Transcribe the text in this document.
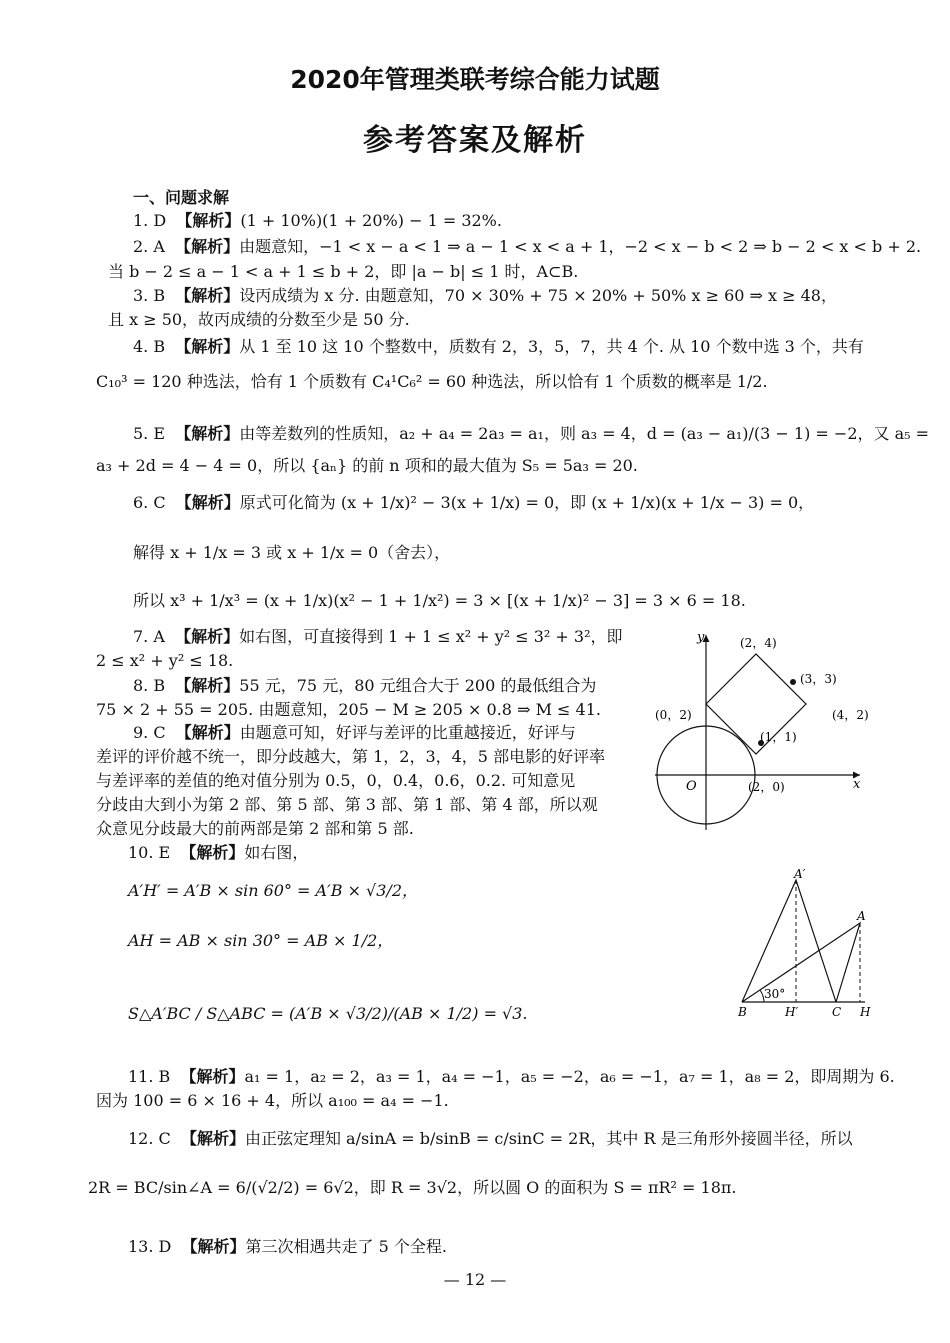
2020年管理类联考综合能力试题
参考答案及解析
一、问题求解
1. D 【解析】(1 + 10%)(1 + 20%) − 1 = 32%.
2. A 【解析】由题意知，−1 < x − a < 1 ⇒ a − 1 < x < a + 1，−2 < x − b < 2 ⇒ b − 2 < x < b + 2.
当 b − 2 ≤ a − 1 < a + 1 ≤ b + 2，即 |a − b| ≤ 1 时，A⊂B.
3. B 【解析】设丙成绩为 x 分. 由题意知，70 × 30% + 75 × 20% + 50% x ≥ 60 ⇒ x ≥ 48，
且 x ≥ 50，故丙成绩的分数至少是 50 分.
4. B 【解析】从 1 至 10 这 10 个整数中，质数有 2，3，5，7，共 4 个. 从 10 个数中选 3 个，共有
C₁₀³ = 120 种选法，恰有 1 个质数有 C₄¹C₆² = 60 种选法，所以恰有 1 个质数的概率是 1/2.
5. E 【解析】由等差数列的性质知，a₂ + a₄ = 2a₃ = a₁，则 a₃ = 4，d = (a₃ − a₁)/(3 − 1) = −2，又 a₅ =
a₃ + 2d = 4 − 4 = 0，所以 {aₙ} 的前 n 项和的最大值为 S₅ = 5a₃ = 20.
6. C 【解析】原式可化简为 (x + 1/x)² − 3(x + 1/x) = 0，即 (x + 1/x)(x + 1/x − 3) = 0，
解得 x + 1/x = 3 或 x + 1/x = 0（舍去），
所以 x³ + 1/x³ = (x + 1/x)(x² − 1 + 1/x²) = 3 × [(x + 1/x)² − 3] = 3 × 6 = 18.
7. A 【解析】如右图，可直接得到 1 + 1 ≤ x² + y² ≤ 3² + 3²，即
2 ≤ x² + y² ≤ 18.
8. B 【解析】55 元，75 元，80 元组合大于 200 的最低组合为
75 × 2 + 55 = 205. 由题意知，205 − M ≥ 205 × 0.8 ⇒ M ≤ 41.
9. C 【解析】由题意可知，好评与差评的比重越接近，好评与
差评的评价越不统一，即分歧越大，第 1，2，3，4，5 部电影的好评率
与差评率的差值的绝对值分别为 0.5，0，0.4，0.6，0.2. 可知意见
分歧由大到小为第 2 部、第 5 部、第 3 部、第 1 部、第 4 部，所以观
众意见分歧最大的前两部是第 2 部和第 5 部.
10. E 【解析】如右图，
A′H′ = A′B × sin 60° = A′B × √3/2，
AH = AB × sin 30° = AB × 1/2，
S△A′BC / S△ABC = (A′B × √3/2)/(AB × 1/2) = √3.
11. B 【解析】a₁ = 1，a₂ = 2，a₃ = 1，a₄ = −1，a₅ = −2，a₆ = −1，a₇ = 1，a₈ = 2，即周期为 6.
因为 100 = 6 × 16 + 4，所以 a₁₀₀ = a₄ = −1.
12. C 【解析】由正弦定理知 a/sinA = b/sinB = c/sinC = 2R，其中 R 是三角形外接圆半径，所以
2R = BC/sin∠A = 6/(√2/2) = 6√2，即 R = 3√2，所以圆 O 的面积为 S = πR² = 18π.
13. D 【解析】第三次相遇共走了 5 个全程.
y
x
O
(2，4)
(3，3)
(0，2)
(1，1)
(4，2)
(2，0)
30°
A′
A
B	H′	C H
— 12 —
